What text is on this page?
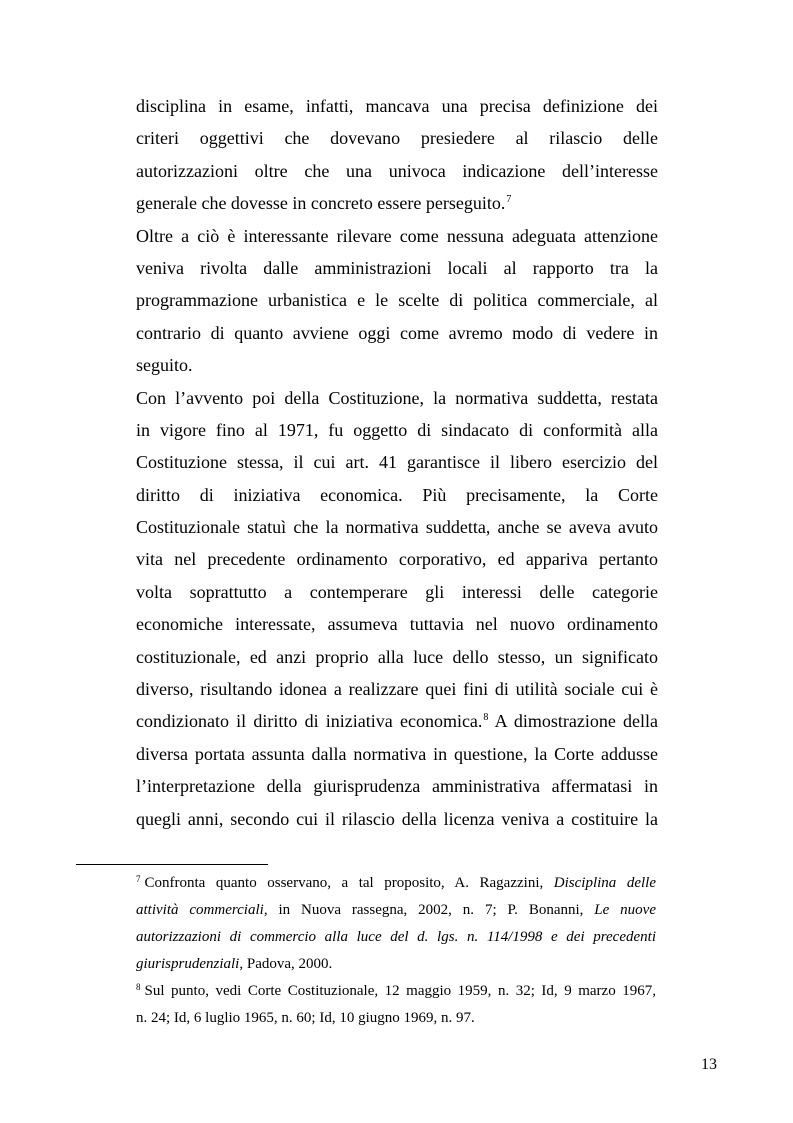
disciplina in esame, infatti, mancava una precisa definizione dei
criteri oggettivi che dovevano presiedere al rilascio delle
autorizzazioni oltre che una univoca indicazione dell’interesse
generale che dovesse in concreto essere perseguito.$^7$
Oltre a ciò è interessante rilevare come nessuna adeguata attenzione
veniva rivolta dalle amministrazioni locali al rapporto tra la
programmazione urbanistica e le scelte di politica commerciale, al
contrario di quanto avviene oggi come avremo modo di vedere in
seguito.
Con l’avvento poi della Costituzione, la normativa suddetta, restata
in vigore fino al 1971, fu oggetto di sindacato di conformità alla
Costituzione stessa, il cui art. 41 garantisce il libero esercizio del
diritto di iniziativa economica. Più precisamente, la Corte
Costituzionale statuì che la normativa suddetta, anche se aveva avuto
vita nel precedente ordinamento corporativo, ed appariva pertanto
volta soprattutto a contemperare gli interessi delle categorie
economiche interessate, assumeva tuttavia nel nuovo ordinamento
costituzionale, ed anzi proprio alla luce dello stesso, un significato
diverso, risultando idonea a realizzare quei fini di utilità sociale cui è
condizionato il diritto di iniziativa economica.$^8$ A dimostrazione della
diversa portata assunta dalla normativa in questione, la Corte addusse
l’interpretazione della giurisprudenza amministrativa affermatasi in
quegli anni, secondo cui il rilascio della licenza veniva a costituire la
$^7$ Confronta quanto osservano, a tal proposito, A. Ragazzini, Disciplina delle
attività commerciali, in Nuova rassegna, 2002, n. 7; P. Bonanni, Le nuove
autorizzazioni di commercio alla luce del d. lgs. n. 114/1998 e dei precedenti
giurisprudenziali, Padova, 2000.
$^8$ Sul punto, vedi Corte Costituzionale, 12 maggio 1959, n. 32; Id, 9 marzo 1967,
n. 24; Id, 6 luglio 1965, n. 60; Id, 10 giugno 1969, n. 97.
13
